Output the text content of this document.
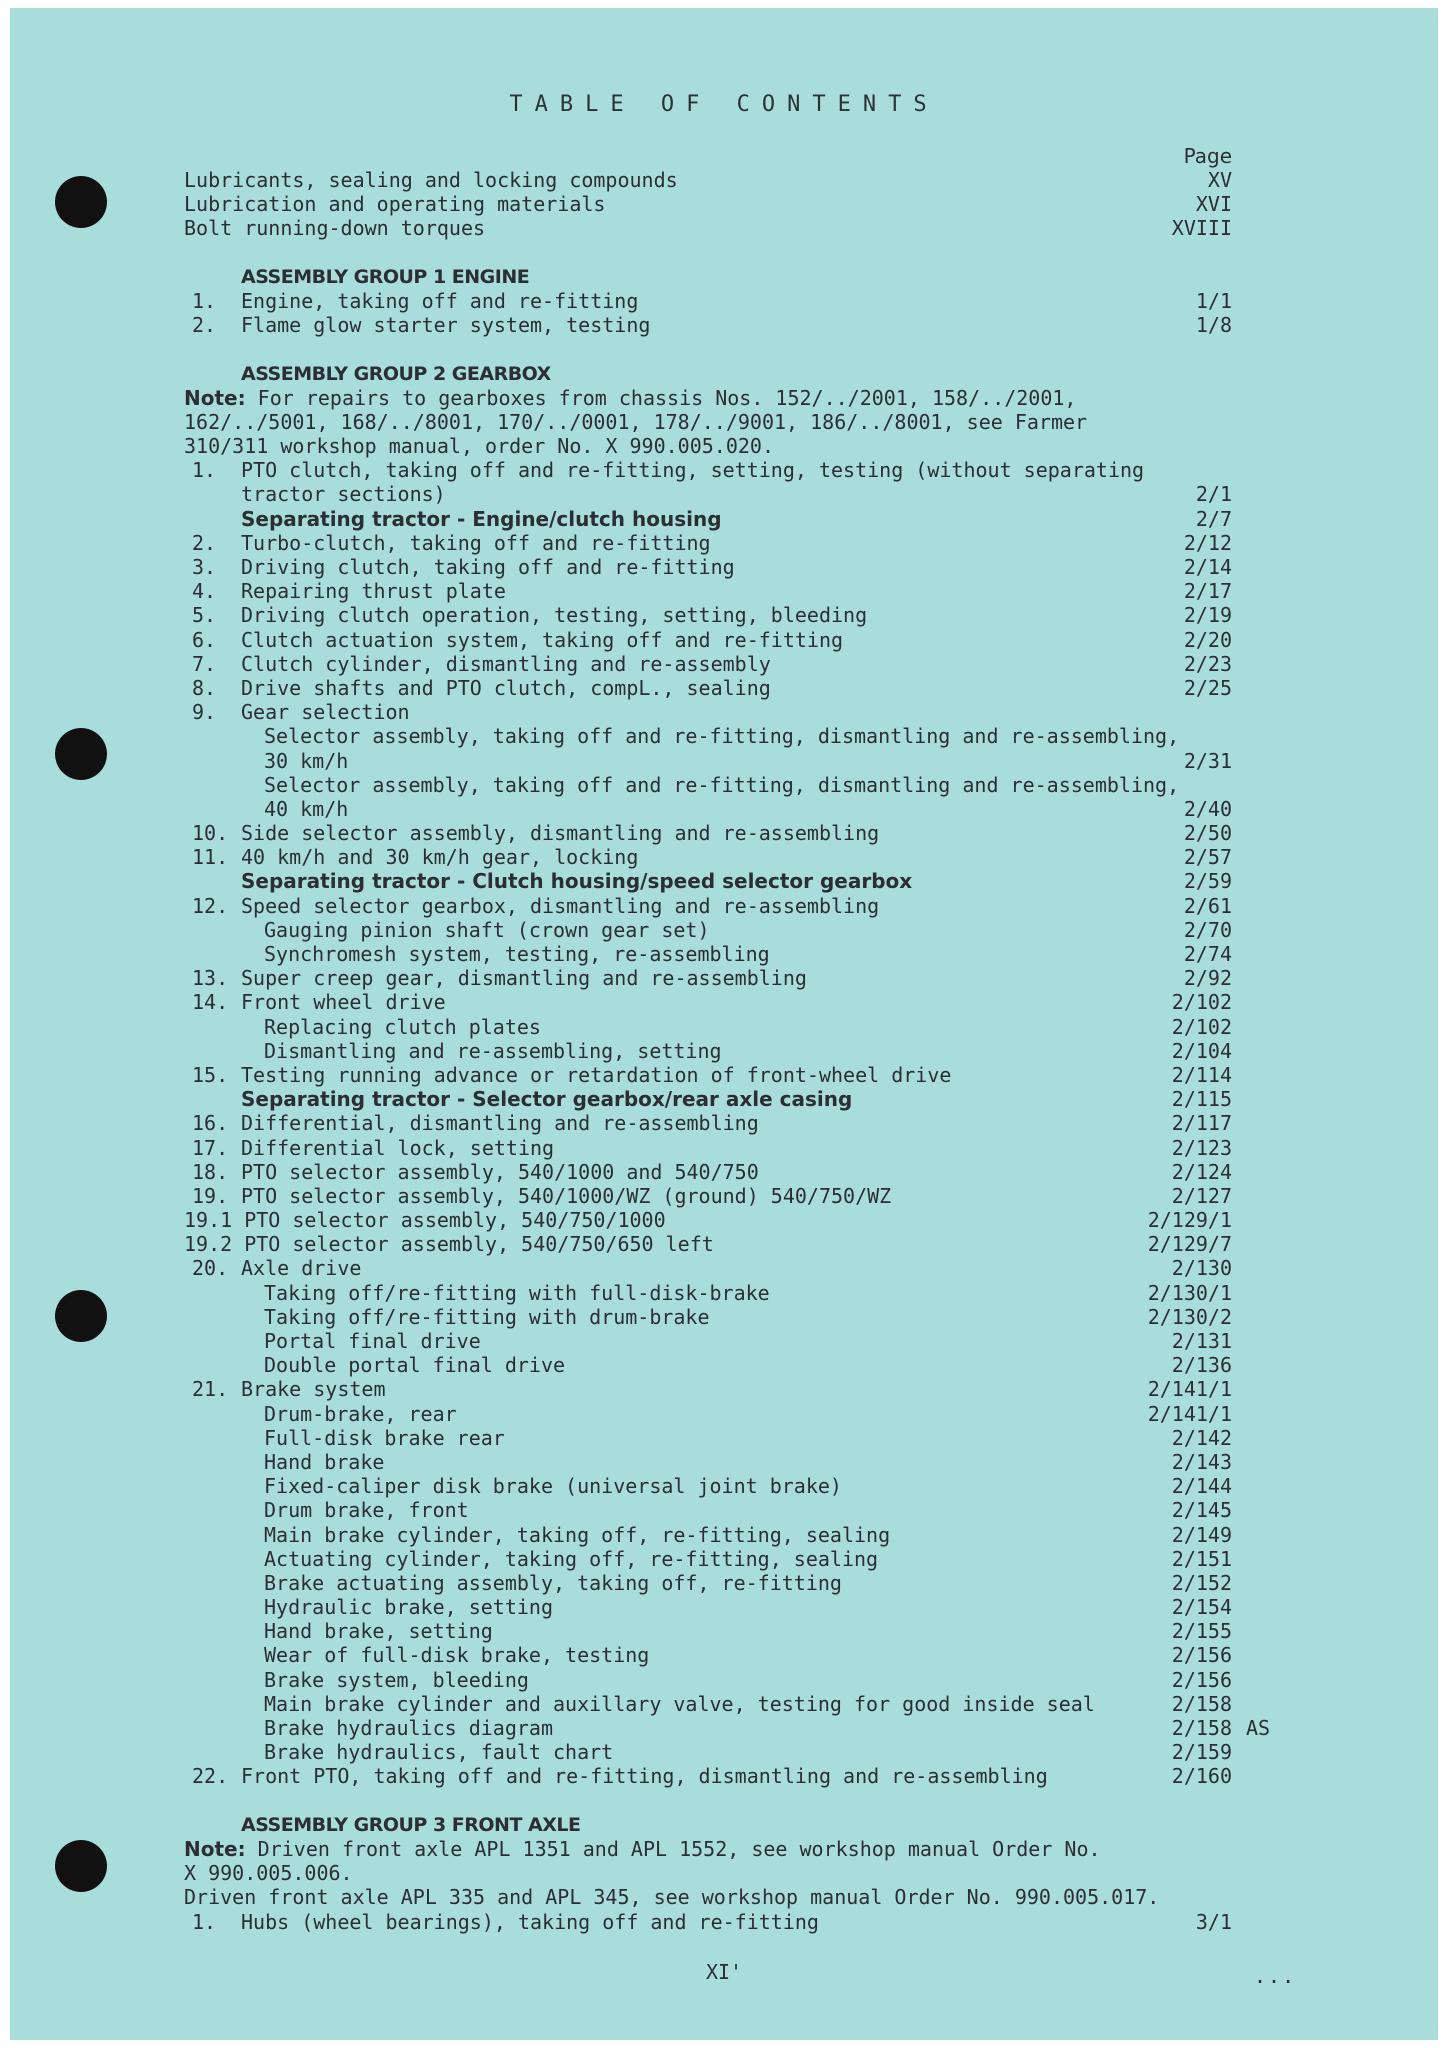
TABLE OF CONTENTS
Page
Lubricants, sealing and locking compounds	XV
Lubrication and operating materials	XVI
Bolt running-down torques	XVIII
ASSEMBLY GROUP 1 ENGINE
1. Engine, taking off and re-fitting	1/1
2. Flame glow starter system, testing	1/8
ASSEMBLY GROUP 2 GEARBOX
Note: For repairs to gearboxes from chassis Nos. 152/../2001, 158/../2001,
162/../5001, 168/../8001, 170/../0001, 178/../9001, 186/../8001, see Farmer
310/311 workshop manual, order No. X 990.005.020.
1. PTO clutch, taking off and re-fitting, setting, testing (without separating
tractor sections)	2/1
Separating tractor - Engine/clutch housing	2/7
2. Turbo-clutch, taking off and re-fitting	2/12
3. Driving clutch, taking off and re-fitting	2/14
4. Repairing thrust plate	2/17
5. Driving clutch operation, testing, setting, bleeding	2/19
6. Clutch actuation system, taking off and re-fitting	2/20
7. Clutch cylinder, dismantling and re-assembly	2/23
8. Drive shafts and PTO clutch, compL., sealing	2/25
9. Gear selection
Selector assembly, taking off and re-fitting, dismantling and re-assembling,
30 km/h	2/31
Selector assembly, taking off and re-fitting, dismantling and re-assembling,
40 km/h	2/40
10. Side selector assembly, dismantling and re-assembling	2/50
11. 40 km/h and 30 km/h gear, locking	2/57
Separating tractor - Clutch housing/speed selector gearbox	2/59
12. Speed selector gearbox, dismantling and re-assembling	2/61
Gauging pinion shaft (crown gear set)	2/70
Synchromesh system, testing, re-assembling	2/74
13. Super creep gear, dismantling and re-assembling	2/92
14. Front wheel drive	2/102
Replacing clutch plates	2/102
Dismantling and re-assembling, setting	2/104
15. Testing running advance or retardation of front-wheel drive	2/114
Separating tractor - Selector gearbox/rear axle casing	2/115
16. Differential, dismantling and re-assembling	2/117
17. Differential lock, setting	2/123
18. PTO selector assembly, 540/1000 and 540/750	2/124
19. PTO selector assembly, 540/1000/WZ (ground) 540/750/WZ	2/127
19.1 PTO selector assembly, 540/750/1000	2/129/1
19.2 PTO selector assembly, 540/750/650 left	2/129/7
20. Axle drive	2/130
Taking off/re-fitting with full-disk-brake	2/130/1
Taking off/re-fitting with drum-brake	2/130/2
Portal final drive	2/131
Double portal final drive	2/136
21. Brake system	2/141/1
Drum-brake, rear	2/141/1
Full-disk brake rear	2/142
Hand brake	2/143
Fixed-caliper disk brake (universal joint brake)	2/144
Drum brake, front	2/145
Main brake cylinder, taking off, re-fitting, sealing	2/149
Actuating cylinder, taking off, re-fitting, sealing	2/151
Brake actuating assembly, taking off, re-fitting	2/152
Hydraulic brake, setting	2/154
Hand brake, setting	2/155
Wear of full-disk brake, testing	2/156
Brake system, bleeding	2/156
Main brake cylinder and auxillary valve, testing for good inside seal	2/158
Brake hydraulics diagram	2/158 AS
Brake hydraulics, fault chart	2/159
22. Front PTO, taking off and re-fitting, dismantling and re-assembling	2/160
ASSEMBLY GROUP 3 FRONT AXLE
Note: Driven front axle APL 1351 and APL 1552, see workshop manual Order No.
X 990.005.006.
Driven front axle APL 335 and APL 345, see workshop manual Order No. 990.005.017.
1. Hubs (wheel bearings), taking off and re-fitting	3/1
XI'	...
